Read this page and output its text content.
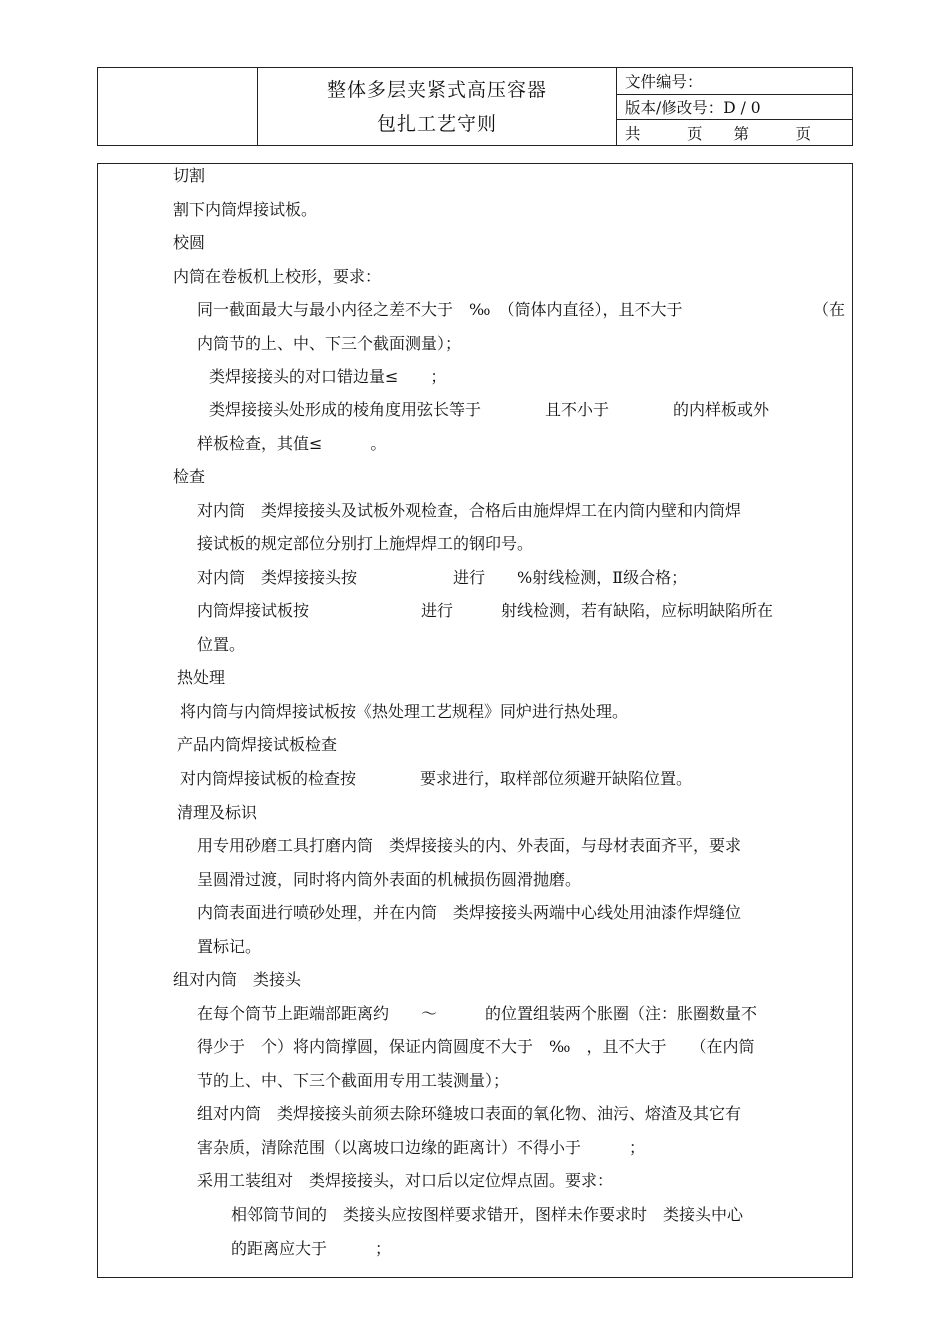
整体多层夹紧式高压容器
包扎工艺守则
文件编号：
版本/修改号：D / 0
共　　　页　　第　　　页
切割
割下内筒焊接试板。
校圆
内筒在卷板机上校形，要求：
同一截面最大与最小内径之差不大于　‰　（筒体内直径），且不大于　　	（在
内筒节的上、中、下三个截面测量）；
类焊接接头的对口错边量≤　　；
类焊接接头处形成的棱角度用弦长等于　　　　且不小于　　　　的内样板或外
样板检查，其值≤　　　。
检查
对内筒　类焊接接头及试板外观检查，合格后由施焊焊工在内筒内壁和内筒焊
接试板的规定部位分别打上施焊焊工的钢印号。
对内筒　类焊接接头按　　　　　　进行　　%射线检测，Ⅱ级合格；
内筒焊接试板按　　　　　　　进行　　　射线检测，若有缺陷，应标明缺陷所在
位置。
热处理
将内筒与内筒焊接试板按《热处理工艺规程》同炉进行热处理。
产品内筒焊接试板检查
对内筒焊接试板的检查按　　　　要求进行，取样部位须避开缺陷位置。
清理及标识
用专用砂磨工具打磨内筒　类焊接接头的内、外表面，与母材表面齐平，要求
呈圆滑过渡，同时将内筒外表面的机械损伤圆滑抛磨。
内筒表面进行喷砂处理，并在内筒　类焊接接头两端中心线处用油漆作焊缝位
置标记。
组对内筒　类接头
在每个筒节上距端部距离约　　～　　　的位置组装两个胀圈（注：胀圈数量不
得少于　个）将内筒撑圆，保证内筒圆度不大于　‰　，且不大于　　（在内筒
节的上、中、下三个截面用专用工装测量）；
组对内筒　类焊接接头前须去除环缝坡口表面的氧化物、油污、熔渣及其它有
害杂质，清除范围（以离坡口边缘的距离计）不得小于　　　；
采用工装组对　类焊接接头，对口后以定位焊点固。要求：
相邻筒节间的　类接头应按图样要求错开，图样未作要求时　类接头中心
的距离应大于　　　；
